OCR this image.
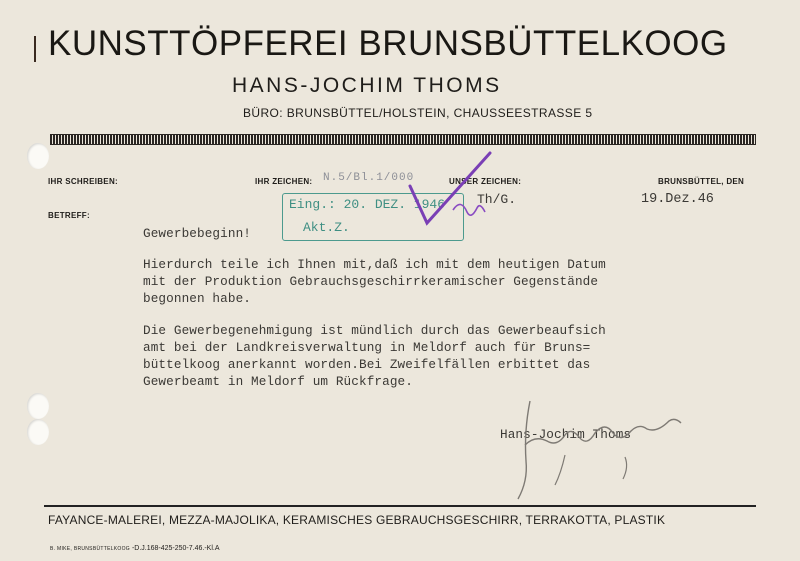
KUNSTTÖPFEREI BRUNSBÜTTELKOOG
HANS-JOCHIM THOMS
BÜRO: BRUNSBÜTTEL/HOLSTEIN, CHAUSSEESTRASSE 5
IHR SCHREIBEN:	IHR ZEICHEN: N.5/Bl.1/000	UNSER ZEICHEN:
Th/G.
BRUNSBÜTTEL, DEN
19.Dez.46
BETREFF:
Eing.: 20. DEZ. 1946
Akt.Z.
Gewerbebeginn!
Hierdurch teile ich Ihnen mit,daß ich mit dem heutigen Datum
mit der Produktion Gebrauchsgeschirrkeramischer Gegenstände
begonnen habe.
Die Gewerbegenehmigung ist mündlich durch das Gewerbeaufsich
amt bei der Landkreisverwaltung in Meldorf auch für Bruns=
büttelkoog anerkannt worden.Bei Zweifelfällen erbittet das
Gewerbeamt in Meldorf um Rückfrage.
Hans-Jochim Thoms
FAYANCE-MALEREI, MEZZA-MAJOLIKA, KERAMISCHES GEBRAUCHSGESCHIRR, TERRAKOTTA, PLASTIK
B. MIKE, BRUNSBÜTTELKOOG -D.J.168-425-250-7.46.-Kl.A
